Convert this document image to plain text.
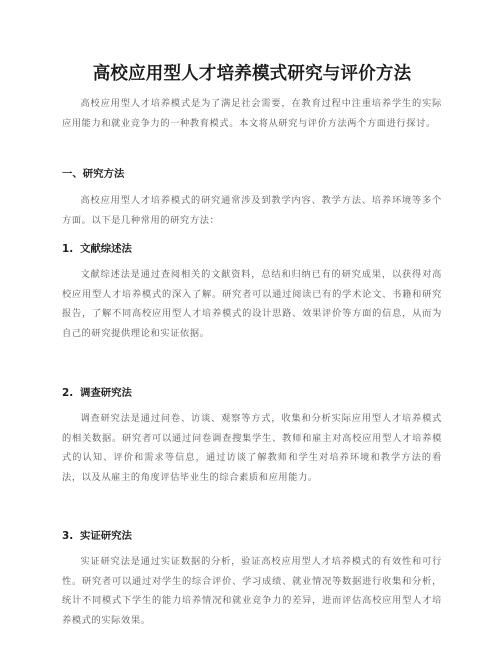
高校应用型人才培养模式研究与评价方法

高校应用型人才培养模式是为了满足社会需要，在教育过程中注重培养学生的实际应用能力和就业竞争力的一种教育模式。本文将从研究与评价方法两个方面进行探讨。

一、研究方法

高校应用型人才培养模式的研究通常涉及到教学内容、教学方法、培养环境等多个方面。以下是几种常用的研究方法：

1. 文献综述法

文献综述法是通过查阅相关的文献资料，总结和归纳已有的研究成果，以获得对高校应用型人才培养模式的深入了解。研究者可以通过阅读已有的学术论文、书籍和研究报告，了解不同高校应用型人才培养模式的设计思路、效果评价等方面的信息，从而为自己的研究提供理论和实证依据。

2. 调查研究法

调查研究法是通过问卷、访谈、观察等方式，收集和分析实际应用型人才培养模式的相关数据。研究者可以通过问卷调查搜集学生、教师和雇主对高校应用型人才培养模式的认知、评价和需求等信息，通过访谈了解教师和学生对培养环境和教学方法的看法，以及从雇主的角度评估毕业生的综合素质和应用能力。

3. 实证研究法

实证研究法是通过实证数据的分析，验证高校应用型人才培养模式的有效性和可行性。研究者可以通过对学生的综合评价、学习成绩、就业情况等数据进行收集和分析，统计不同模式下学生的能力培养情况和就业竞争力的差异，进而评估高校应用型人才培养模式的实际效果。
